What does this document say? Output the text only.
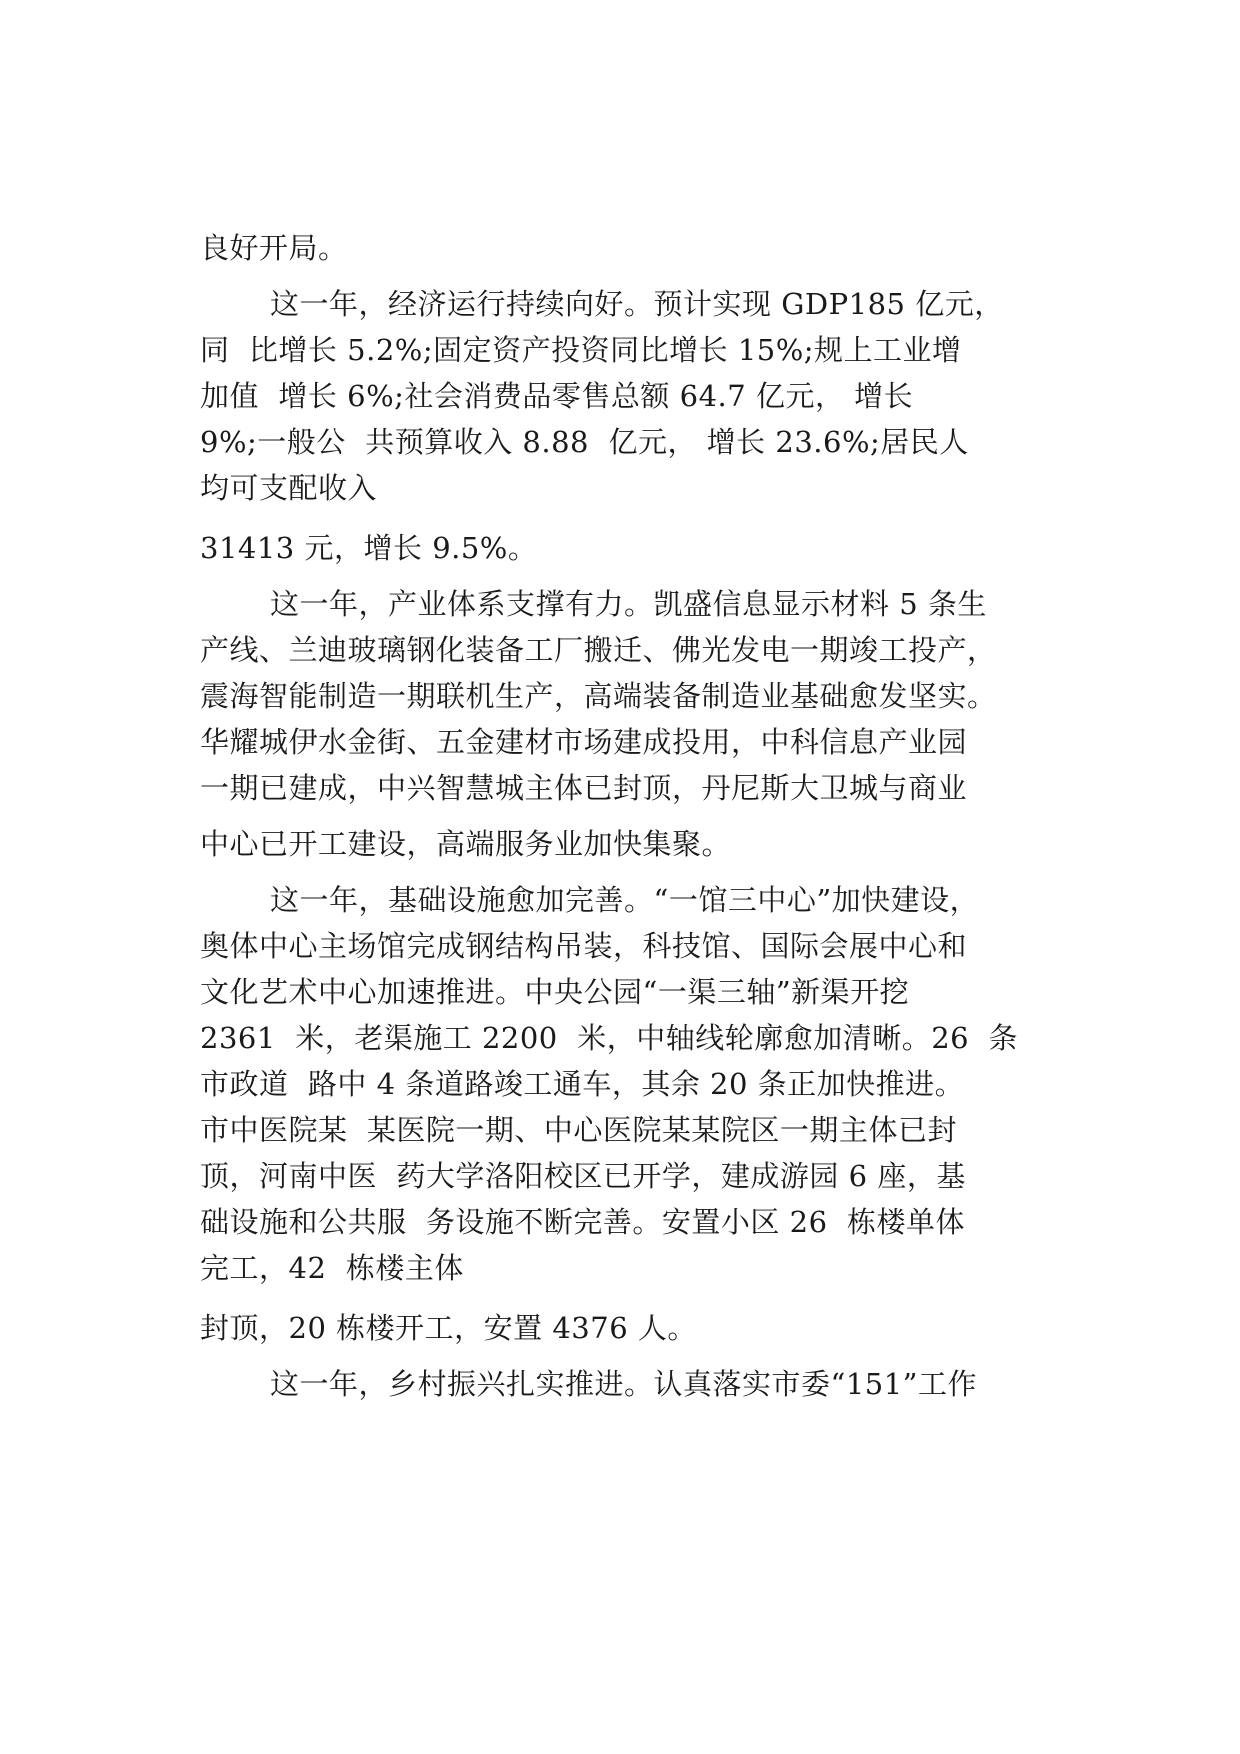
良好开局。
这一年，经济运行持续向好。预计实现 GDP185 亿元，
同  比增长 5.2%;固定资产投资同比增长 15%;规上工业增
加值  增长 6%;社会消费品零售总额 64.7 亿元， 增长
9%;一般公  共预算收入 8.88  亿元， 增长 23.6%;居民人
均可支配收入
31413 元，增长 9.5%。
这一年，产业体系支撑有力。凯盛信息显示材料 5 条生
产线、兰迪玻璃钢化装备工厂搬迁、佛光发电一期竣工投产，
震海智能制造一期联机生产，高端装备制造业基础愈发坚实。
华耀城伊水金街、五金建材市场建成投用，中科信息产业园
一期已建成，中兴智慧城主体已封顶，丹尼斯大卫城与商业
中心已开工建设，高端服务业加快集聚。
这一年，基础设施愈加完善。“一馆三中心”加快建设，
奥体中心主场馆完成钢结构吊装，科技馆、国际会展中心和
文化艺术中心加速推进。中央公园“一渠三轴”新渠开挖
2361  米，老渠施工 2200  米，中轴线轮廓愈加清晰。26  条
市政道  路中 4 条道路竣工通车，其余 20 条正加快推进。
市中医院某  某医院一期、中心医院某某院区一期主体已封
顶，河南中医  药大学洛阳校区已开学，建成游园 6 座，基
础设施和公共服  务设施不断完善。安置小区 26  栋楼单体
完工，42  栋楼主体
封顶，20 栋楼开工，安置 4376 人。
这一年，乡村振兴扎实推进。认真落实市委“151”工作
